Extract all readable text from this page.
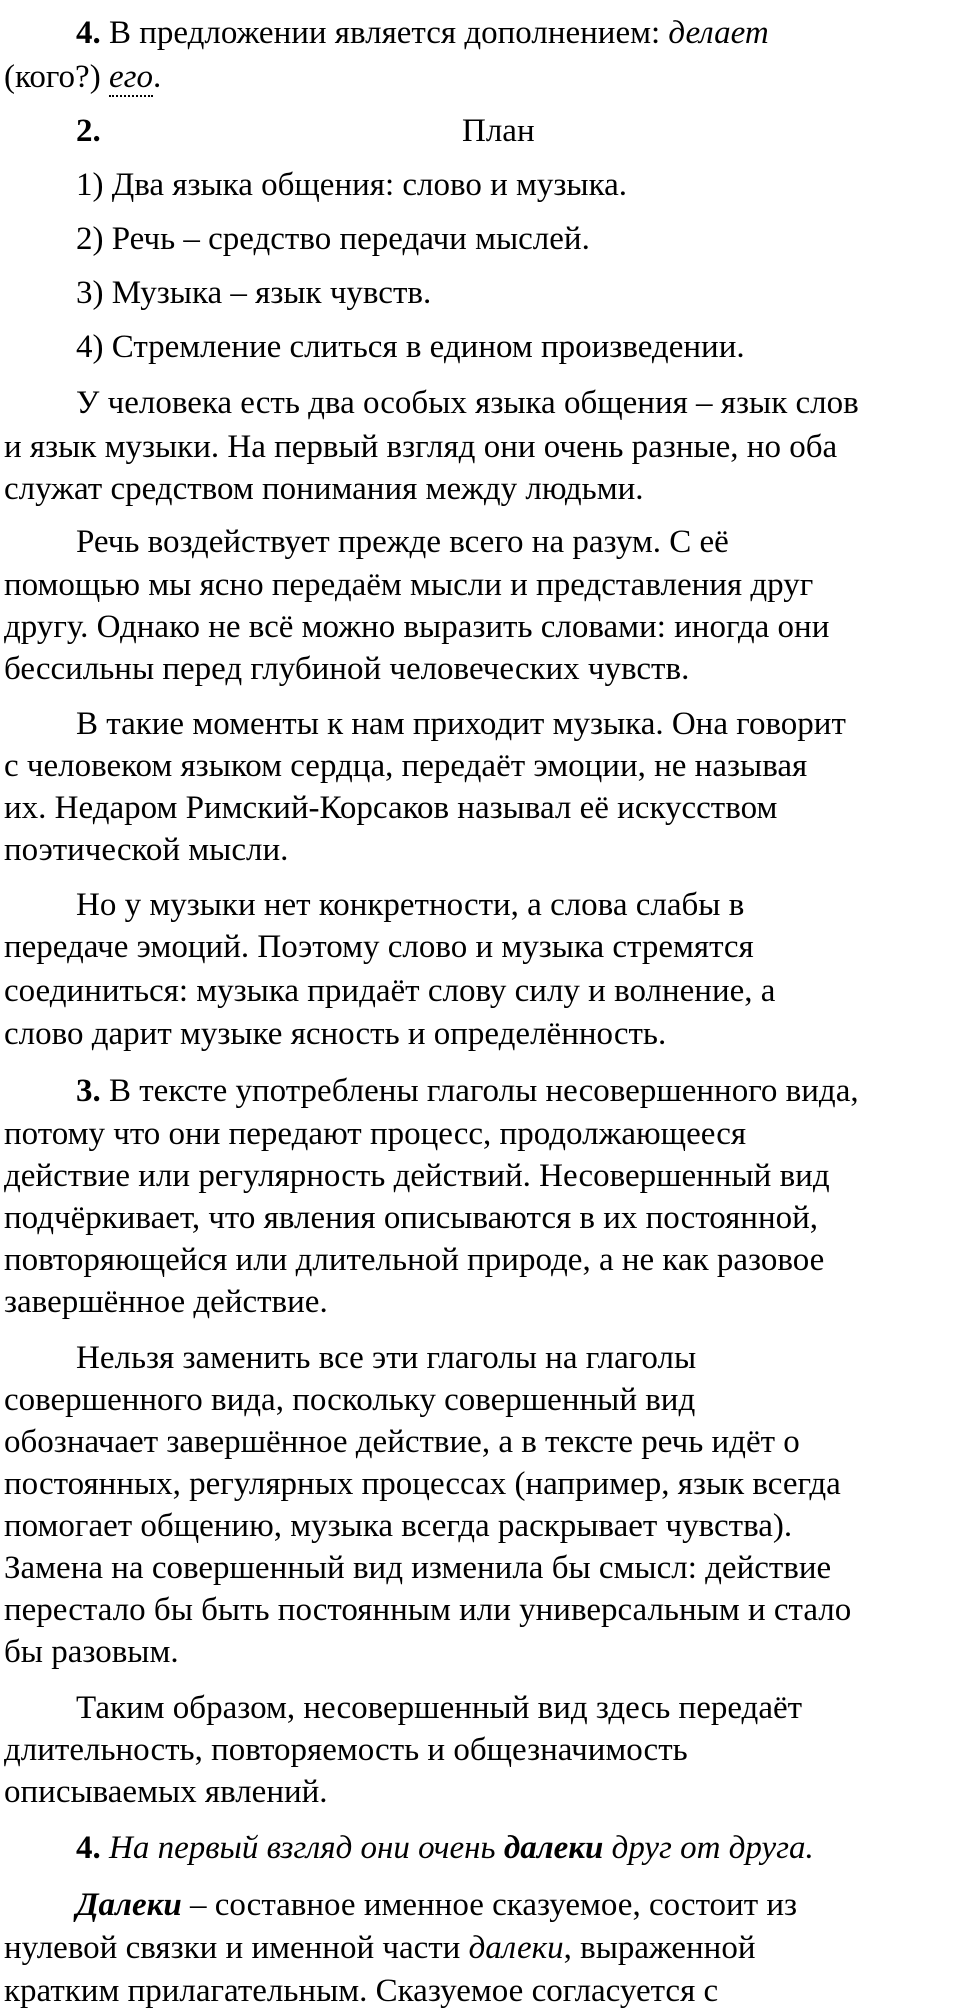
4. В предложении является дополнением: делает
(кого?) его.
2.	План
1) Два языка общения: слово и музыка.
2) Речь – средство передачи мыслей.
3) Музыка – язык чувств.
4) Стремление слиться в едином произведении.
У человека есть два особых языка общения – язык слов
и язык музыки. На первый взгляд они очень разные, но оба
служат средством понимания между людьми.
Речь воздействует прежде всего на разум. С её
помощью мы ясно передаём мысли и представления друг
другу. Однако не всё можно выразить словами: иногда они
бессильны перед глубиной человеческих чувств.
В такие моменты к нам приходит музыка. Она говорит
с человеком языком сердца, передаёт эмоции, не называя
их. Недаром Римский-Корсаков называл её искусством
поэтической мысли.
Но у музыки нет конкретности, а слова слабы в
передаче эмоций. Поэтому слово и музыка стремятся
соединиться: музыка придаёт слову силу и волнение, а
слово дарит музыке ясность и определённость.
3. В тексте употреблены глаголы несовершенного вида,
потому что они передают процесс, продолжающееся
действие или регулярность действий. Несовершенный вид
подчёркивает, что явления описываются в их постоянной,
повторяющейся или длительной природе, а не как разовое
завершённое действие.
Нельзя заменить все эти глаголы на глаголы
совершенного вида, поскольку совершенный вид
обозначает завершённое действие, а в тексте речь идёт о
постоянных, регулярных процессах (например, язык всегда
помогает общению, музыка всегда раскрывает чувства).
Замена на совершенный вид изменила бы смысл: действие
перестало бы быть постоянным или универсальным и стало
бы разовым.
Таким образом, несовершенный вид здесь передаёт
длительность, повторяемость и общезначимость
описываемых явлений.
4. На первый взгляд они очень далеки друг от друга.
Далеки – составное именное сказуемое, состоит из
нулевой связки и именной части далеки, выраженной
кратким прилагательным. Сказуемое согласуется с
